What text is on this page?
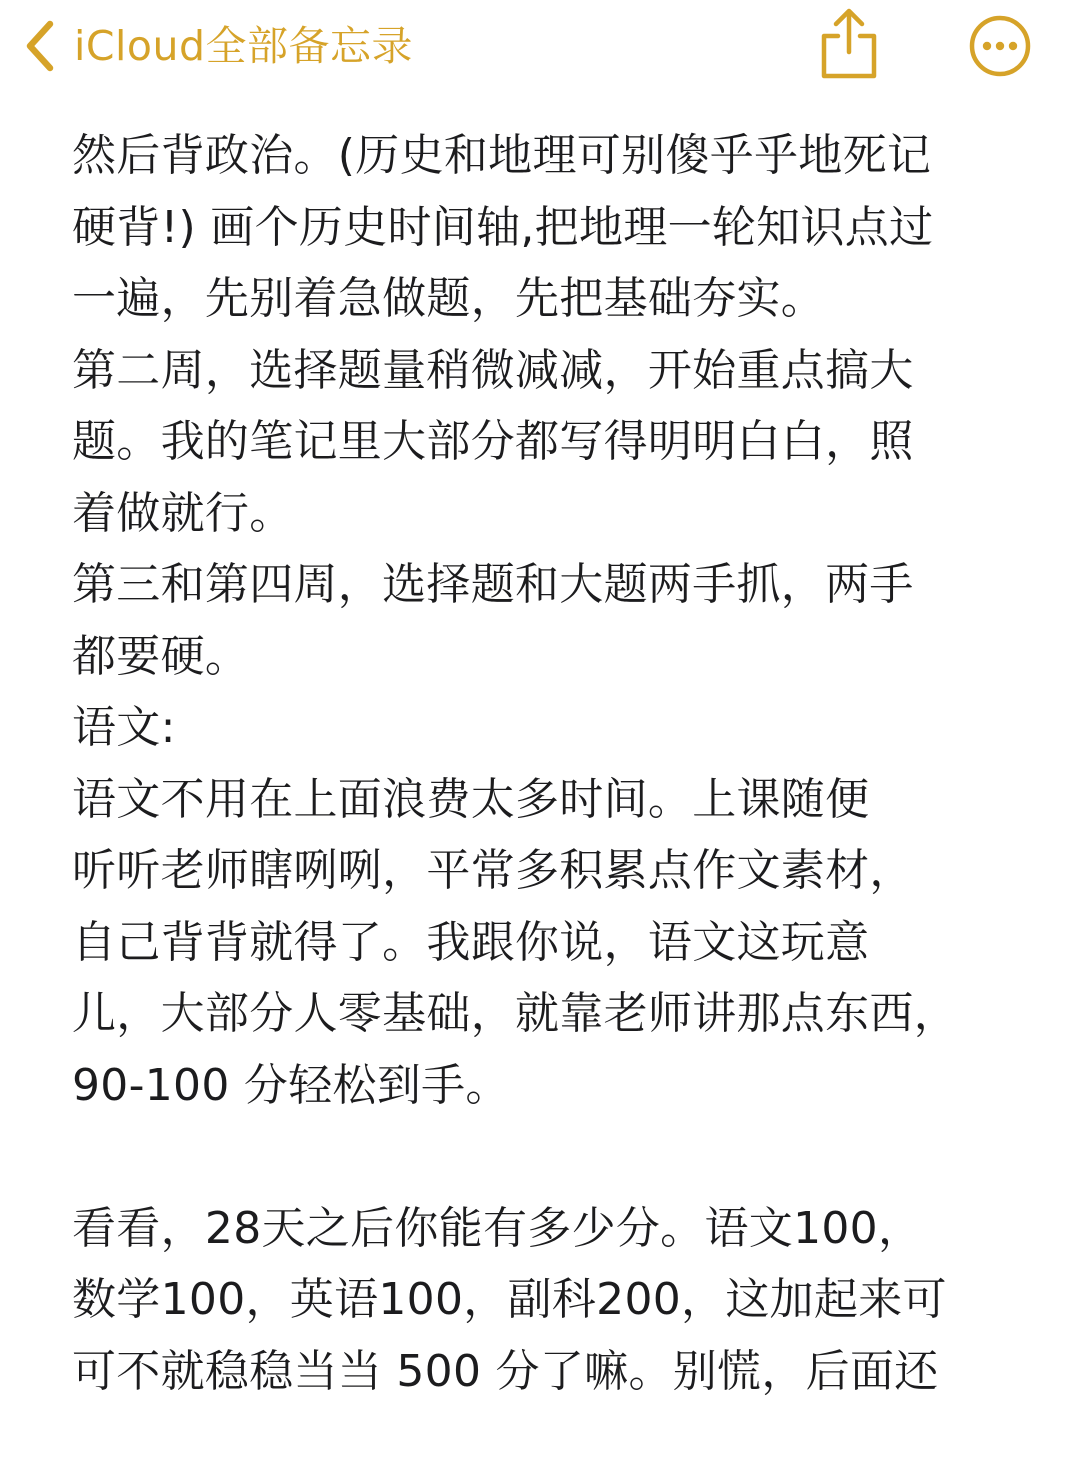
iCloud全部备忘录
然后背政治。(历史和地理可别傻乎乎地死记
硬背!) 画个历史时间轴,把地理一轮知识点过
一遍，先别着急做题，先把基础夯实。
第二周，选择题量稍微减减，开始重点搞大
题。我的笔记里大部分都写得明明白白，照
着做就行。
第三和第四周，选择题和大题两手抓，两手
都要硬。
语文:
语文不用在上面浪费太多时间。上课随便
听听老师瞎咧咧，平常多积累点作文素材，
自己背背就得了。我跟你说，语文这玩意
儿，大部分人零基础，就靠老师讲那点东西，
90-100 分轻松到手。
看看，28天之后你能有多少分。语文100，
数学100，英语100，副科200，这加起来可
可不就稳稳当当 500 分了嘛。别慌，后面还
